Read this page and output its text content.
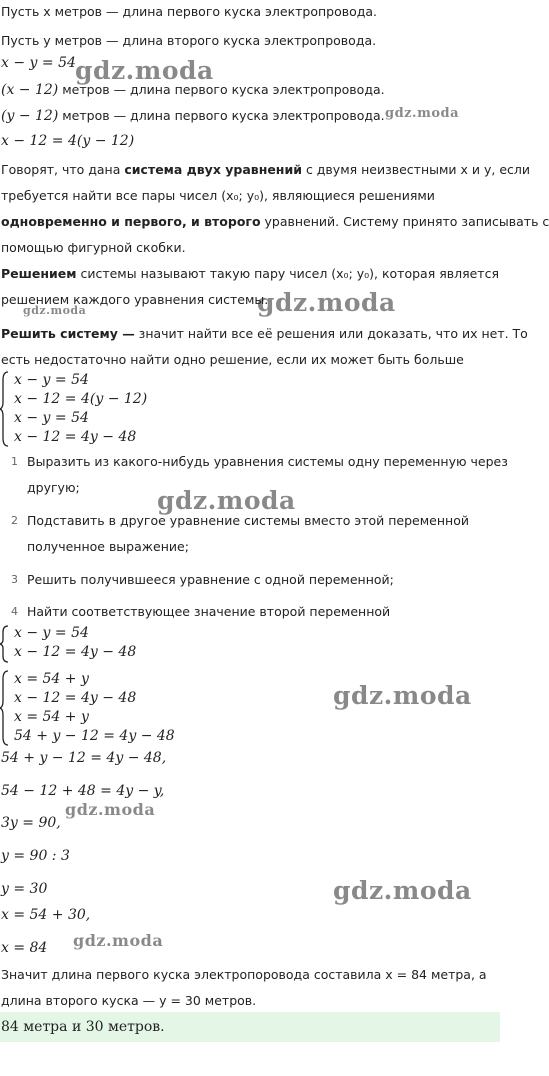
Пусть x метров — длина первого куска электропровода.
Пусть y метров — длина второго куска электропровода.
x − y = 54
(x − 12) метров — длина первого куска электропровода.
(y − 12) метров — длина первого куска электропровода.
x − 12 = 4(y − 12)
Говорят, что дана система двух уравнений с двумя неизвестными x и y, если
требуется найти все пары чисел (x₀; y₀), являющиеся решениями
одновременно и первого, и второго уравнений. Систему принято записывать с
помощью фигурной скобки.
Решением системы называют такую пару чисел (x₀; y₀), которая является
решением каждого уравнения системы.
Решить систему — значит найти все её решения или доказать, что их нет. То
есть недостаточно найти одно решение, если их может быть больше
x − y = 54
x − 12 = 4(y − 12)
x − y = 54
x − 12 = 4y − 48
1 Выразить из какого-нибудь уравнения системы одну переменную через
другую;
2 Подставить в другое уравнение системы вместо этой переменной
полученное выражение;
3 Решить получившееся уравнение с одной переменной;
4 Найти соответствующее значение второй переменной
x − y = 54
x − 12 = 4y − 48
x = 54 + y
x − 12 = 4y − 48
x = 54 + y
54 + y − 12 = 4y − 48
54 + y − 12 = 4y − 48,
54 − 12 + 48 = 4y − y,
3y = 90,
y = 90 : 3
y = 30
x = 54 + 30,
x = 84
Значит длина первого куска электропоровода составила x = 84 метра, а
длина второго куска — y = 30 метров.
84 метра и 30 метров.
gdz.moda
gdz.moda
gdz.moda
gdz.moda
gdz.moda
gdz.moda
gdz.moda
gdz.moda
gdz.moda
